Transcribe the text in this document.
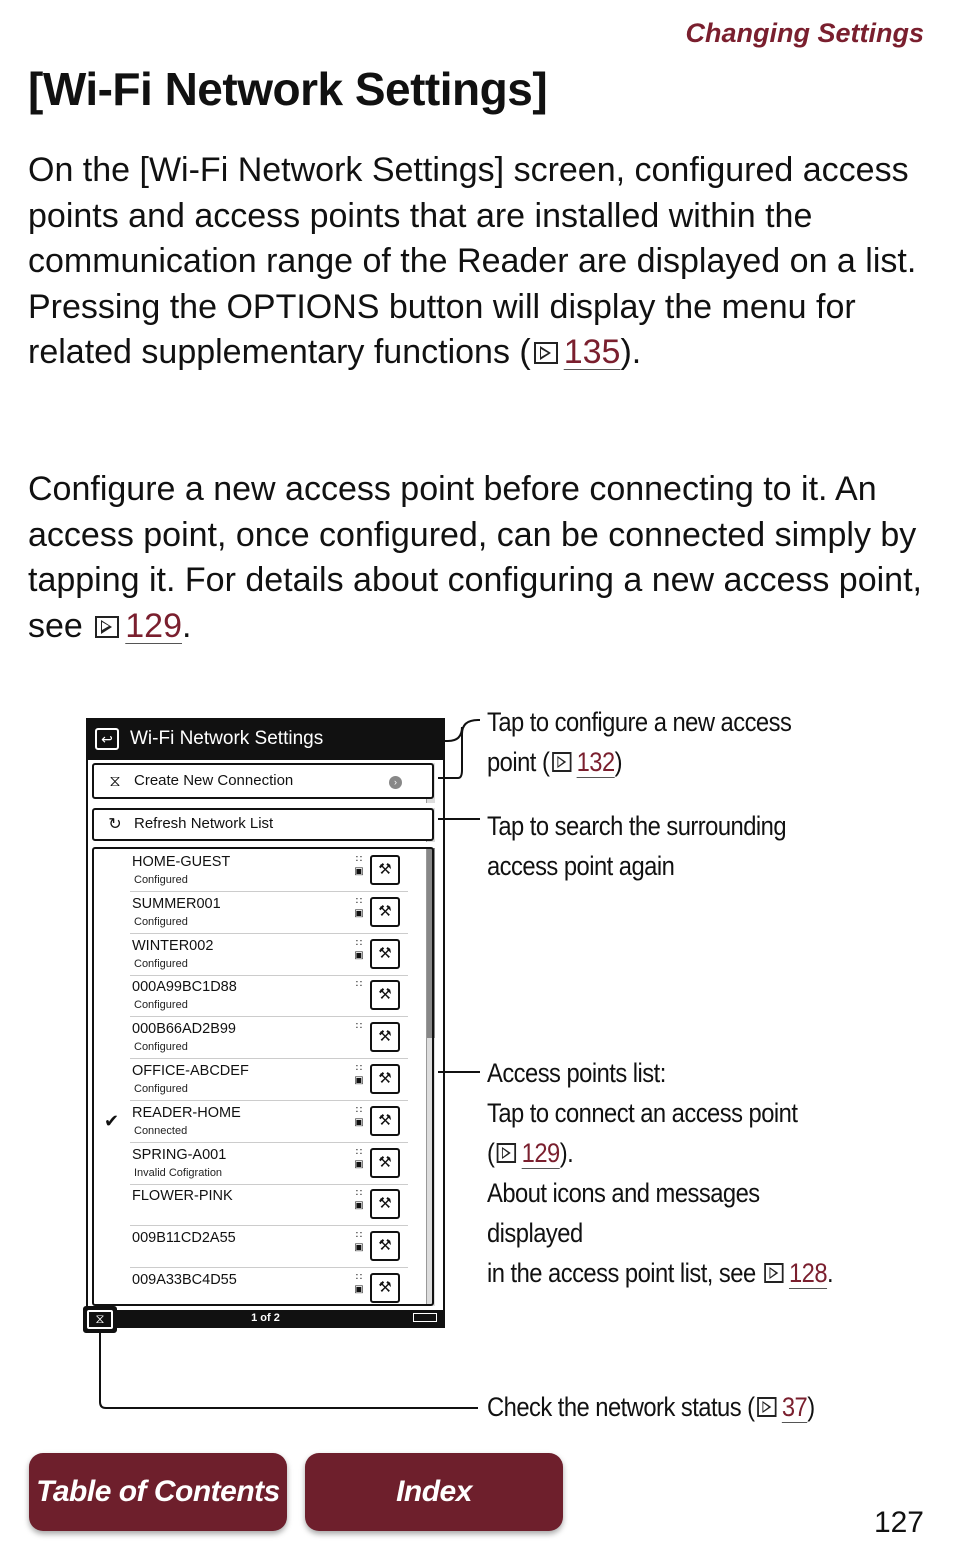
Changing Settings
[Wi-Fi Network Settings]

On the [Wi-Fi Network Settings] screen, configured access points and access points that are installed within the communication range of the Reader are displayed on a list.
Pressing the OPTIONS button will display the menu for related supplementary functions ( 135).

Configure a new access point before connecting to it. An access point, once configured, can be connected simply by tapping it. For details about configuring a new access point, see 129.

↩ Wi-Fi Network Settings
⧖ Create New Connection	›
↻ Refresh Network List
HOME-GUEST
Configured
∷
▣ ⚒
SUMMER001
Configured
∷
▣ ⚒
WINTER002
Configured
∷
▣ ⚒
000A99BC1D88
Configured
∷
⚒
000B66AD2B99
Configured
∷
⚒
OFFICE-ABCDEF
Configured
∷
▣ ⚒
✔ READER-HOME
Connected
∷
▣ ⚒
SPRING-A001
Invalid Cofigration
∷
▣ ⚒
FLOWER-PINK	∷
▣ ⚒
009B11CD2A55	∷
▣ ⚒
009A33BC4D55	∷
▣ ⚒
1 of 2
⧖
Tap to configure a new access
point ( 132)
Tap to search the surrounding
access point again
Access points list:
Tap to connect an access point
( 129).
About icons and messages displayed
in the access point list, see 128.
Check the network status ( 37)
Table of Contents	Index
127
